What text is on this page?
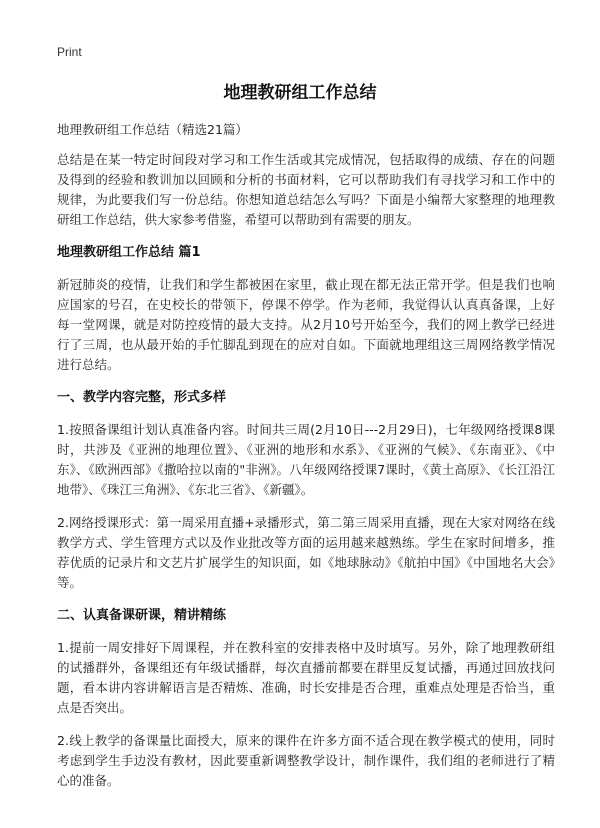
Print
地理教研组工作总结
地理教研组工作总结（精选21篇）

总结是在某一特定时间段对学习和工作生活或其完成情况，包括取得的成绩、存在的问题及得到的经验和教训加以回顾和分析的书面材料，它可以帮助我们有寻找学习和工作中的规律，为此要我们写一份总结。你想知道总结怎么写吗？下面是小编帮大家整理的地理教研组工作总结，供大家参考借鉴，希望可以帮助到有需要的朋友。

地理教研组工作总结 篇1

新冠肺炎的疫情，让我们和学生都被困在家里，截止现在都无法正常开学。但是我们也响应国家的号召，在史校长的带领下，停课不停学。作为老师，我觉得认认真真备课，上好每一堂网课，就是对防控疫情的最大支持。从2月10号开始至今，我们的网上教学已经进行了三周，也从最开始的手忙脚乱到现在的应对自如。下面就地理组这三周网络教学情况进行总结。

一、教学内容完整，形式多样

1.按照备课组计划认真准备内容。时间共三周(2月10日---2月29日)，七年级网络授课8课时，共涉及《亚洲的地理位置》、《亚洲的地形和水系》、《亚洲的气候》、《东南亚》、《中东》、《欧洲西部》《撒哈拉以南的"非洲》。八年级网络授课7课时，《黄土高原》、《长江沿江地带》、《珠江三角洲》、《东北三省》、《新疆》。

2.网络授课形式：第一周采用直播+录播形式，第二第三周采用直播，现在大家对网络在线教学方式、学生管理方式以及作业批改等方面的运用越来越熟练。学生在家时间增多，推荐优质的记录片和文艺片扩展学生的知识面，如《地球脉动》《航拍中国》《中国地名大会》等。

二、认真备课研课，精讲精练

1.提前一周安排好下周课程，并在教科室的安排表格中及时填写。另外，除了地理教研组的试播群外，备课组还有年级试播群，每次直播前都要在群里反复试播，再通过回放找问题，看本讲内容讲解语言是否精炼、准确，时长安排是否合理，重难点处理是否恰当，重点是否突出。

2.线上教学的备课量比面授大，原来的课件在许多方面不适合现在教学模式的使用，同时考虑到学生手边没有教材，因此要重新调整教学设计，制作课件，我们组的老师进行了精心的准备。
